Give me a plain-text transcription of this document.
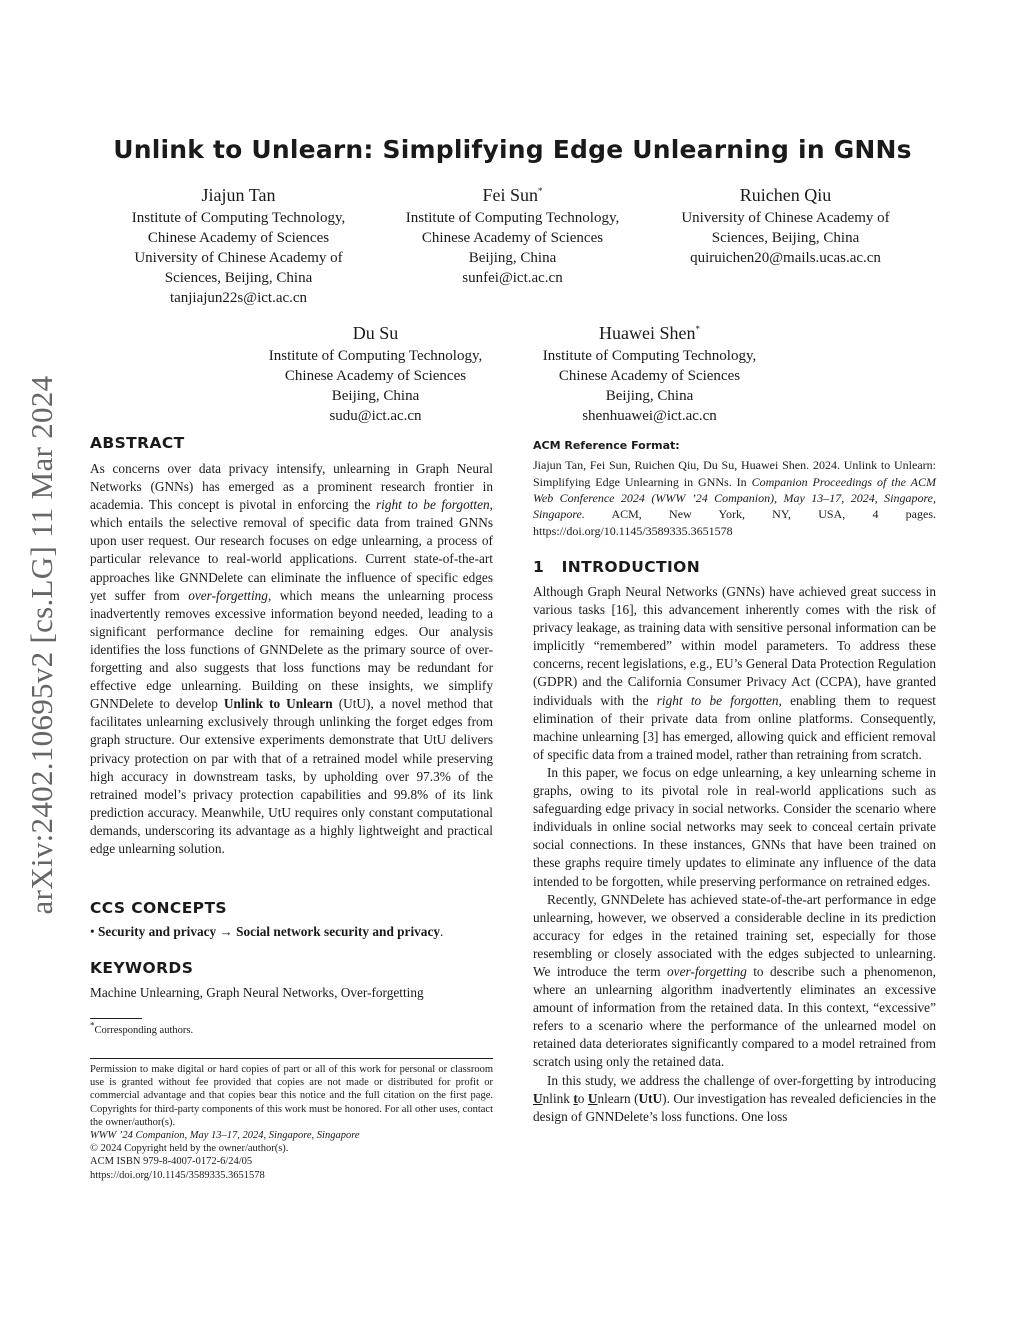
arXiv:2402.10695v2 [cs.LG] 11 Mar 2024
Unlink to Unlearn: Simplifying Edge Unlearning in GNNs
Jiajun Tan
Institute of Computing Technology,
Chinese Academy of Sciences
University of Chinese Academy of
Sciences, Beijing, China
tanjiajun22s@ict.ac.cn
Fei Sun*
Institute of Computing Technology,
Chinese Academy of Sciences
Beijing, China
sunfei@ict.ac.cn
Ruichen Qiu
University of Chinese Academy of
Sciences, Beijing, China
quiruichen20@mails.ucas.ac.cn
Du Su
Institute of Computing Technology,
Chinese Academy of Sciences
Beijing, China
sudu@ict.ac.cn
Huawei Shen*
Institute of Computing Technology,
Chinese Academy of Sciences
Beijing, China
shenhuawei@ict.ac.cn
ABSTRACT

As concerns over data privacy intensify, unlearning in Graph Neural Networks (GNNs) has emerged as a prominent research frontier in academia. This concept is pivotal in enforcing the right to be forgotten, which entails the selective removal of specific data from trained GNNs upon user request. Our research focuses on edge unlearning, a process of particular relevance to real-world applications. Current state-of-the-art approaches like GNNDelete can eliminate the influence of specific edges yet suffer from over-forgetting, which means the unlearning process inadvertently removes excessive information beyond needed, leading to a significant performance decline for remaining edges. Our analysis identifies the loss functions of GNNDelete as the primary source of over-forgetting and also suggests that loss functions may be redundant for effective edge unlearning. Building on these insights, we simplify GNNDelete to develop Unlink to Unlearn (UtU), a novel method that facilitates unlearning exclusively through unlinking the forget edges from graph structure. Our extensive experiments demonstrate that UtU delivers privacy protection on par with that of a retrained model while preserving high accuracy in downstream tasks, by upholding over 97.3% of the retrained model’s privacy protection capabilities and 99.8% of its link prediction accuracy. Meanwhile, UtU requires only constant computational demands, underscoring its advantage as a highly lightweight and practical edge unlearning solution.

CCS CONCEPTS

• Security and privacy → Social network security and privacy.

KEYWORDS

Machine Unlearning, Graph Neural Networks, Over-forgetting

*Corresponding authors.

Permission to make digital or hard copies of part or all of this work for personal or classroom use is granted without fee provided that copies are not made or distributed for profit or commercial advantage and that copies bear this notice and the full citation on the first page. Copyrights for third-party components of this work must be honored. For all other uses, contact the owner/author(s).

WWW ’24 Companion, May 13–17, 2024, Singapore, Singapore

© 2024 Copyright held by the owner/author(s).

ACM ISBN 979-8-4007-0172-6/24/05

https://doi.org/10.1145/3589335.3651578

ACM Reference Format:

Jiajun Tan, Fei Sun, Ruichen Qiu, Du Su, Huawei Shen. 2024. Unlink to Unlearn: Simplifying Edge Unlearning in GNNs. In Companion Proceedings of the ACM Web Conference 2024 (WWW ’24 Companion), May 13–17, 2024, Singapore, Singapore. ACM, New York, NY, USA, 4 pages. https://doi.org/10.1145/3589335.3651578

1 INTRODUCTION

Although Graph Neural Networks (GNNs) have achieved great success in various tasks [16], this advancement inherently comes with the risk of privacy leakage, as training data with sensitive personal information can be implicitly “remembered” within model parameters. To address these concerns, recent legislations, e.g., EU’s General Data Protection Regulation (GDPR) and the California Consumer Privacy Act (CCPA), have granted individuals with the right to be forgotten, enabling them to request elimination of their private data from online platforms. Consequently, machine unlearning [3] has emerged, allowing quick and efficient removal of specific data from a trained model, rather than retraining from scratch.

In this paper, we focus on edge unlearning, a key unlearning scheme in graphs, owing to its pivotal role in real-world applications such as safeguarding edge privacy in social networks. Consider the scenario where individuals in online social networks may seek to conceal certain private social connections. In these instances, GNNs that have been trained on these graphs require timely updates to eliminate any influence of the data intended to be forgotten, while preserving performance on retrained edges.

Recently, GNNDelete has achieved state-of-the-art performance in edge unlearning, however, we observed a considerable decline in its prediction accuracy for edges in the retained training set, especially for those resembling or closely associated with the edges subjected to unlearning. We introduce the term over-forgetting to describe such a phenomenon, where an unlearning algorithm inadvertently eliminates an excessive amount of information from the retained data. In this context, “excessive” refers to a scenario where the performance of the unlearned model on retained data deteriorates significantly compared to a model retrained from scratch using only the retained data.

In this study, we address the challenge of over-forgetting by introducing Unlink to Unlearn (UtU). Our investigation has revealed deficiencies in the design of GNNDelete’s loss functions. One loss
